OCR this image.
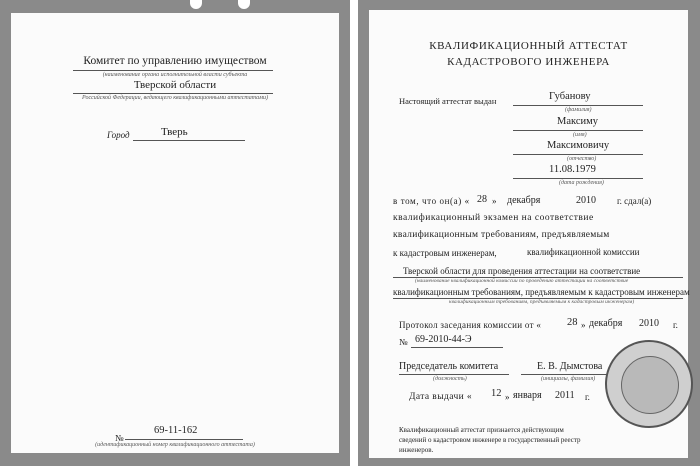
Комитет по управлению имуществом
(наименование органа исполнительной власти субъекта
Тверской области
Российской Федерации, ведающего квалификационными аттестатами)
Город	Тверь
№
69-11-162
(идентификационный номер квалификационного аттестата)
КВАЛИФИКАЦИОННЫЙ АТТЕСТАТ
КАДАСТРОВОГО ИНЖЕНЕРА
Настоящий аттестат выдан	Губанову
(фамилия)
Максиму
(имя)
Максимовичу
(отчество)
11.08.1979
(дата рождения)
в том, что он(а) « 28 » декабря	2010 г. сдал(а)
квалификационный экзамен на соответствие
квалификационным требованиям, предъявляемым
к кадастровым инженерам,	квалификационной комиссии
Тверской области для проведения аттестации на соответствие
(наименование квалификационной комиссии по проведению аттестации на соответствие
квалификационным требованиям, предъявляемым к кадастровым инженерам
квалификационным требованиям, предъявляемым к кадастровым инженерам)
Протокол заседания комиссии от « 28 » декабря 2010 г.
№ 69-2010-44-Э
Председатель комитета
(должность)
Е. В. Дымстова
(инициалы, фамилия)
Дата выдачи « 12 » января 2011 г.
Квалификационный аттестат признается действующим
сведений о кадастровом инженере в государственный реестр
инженеров.
